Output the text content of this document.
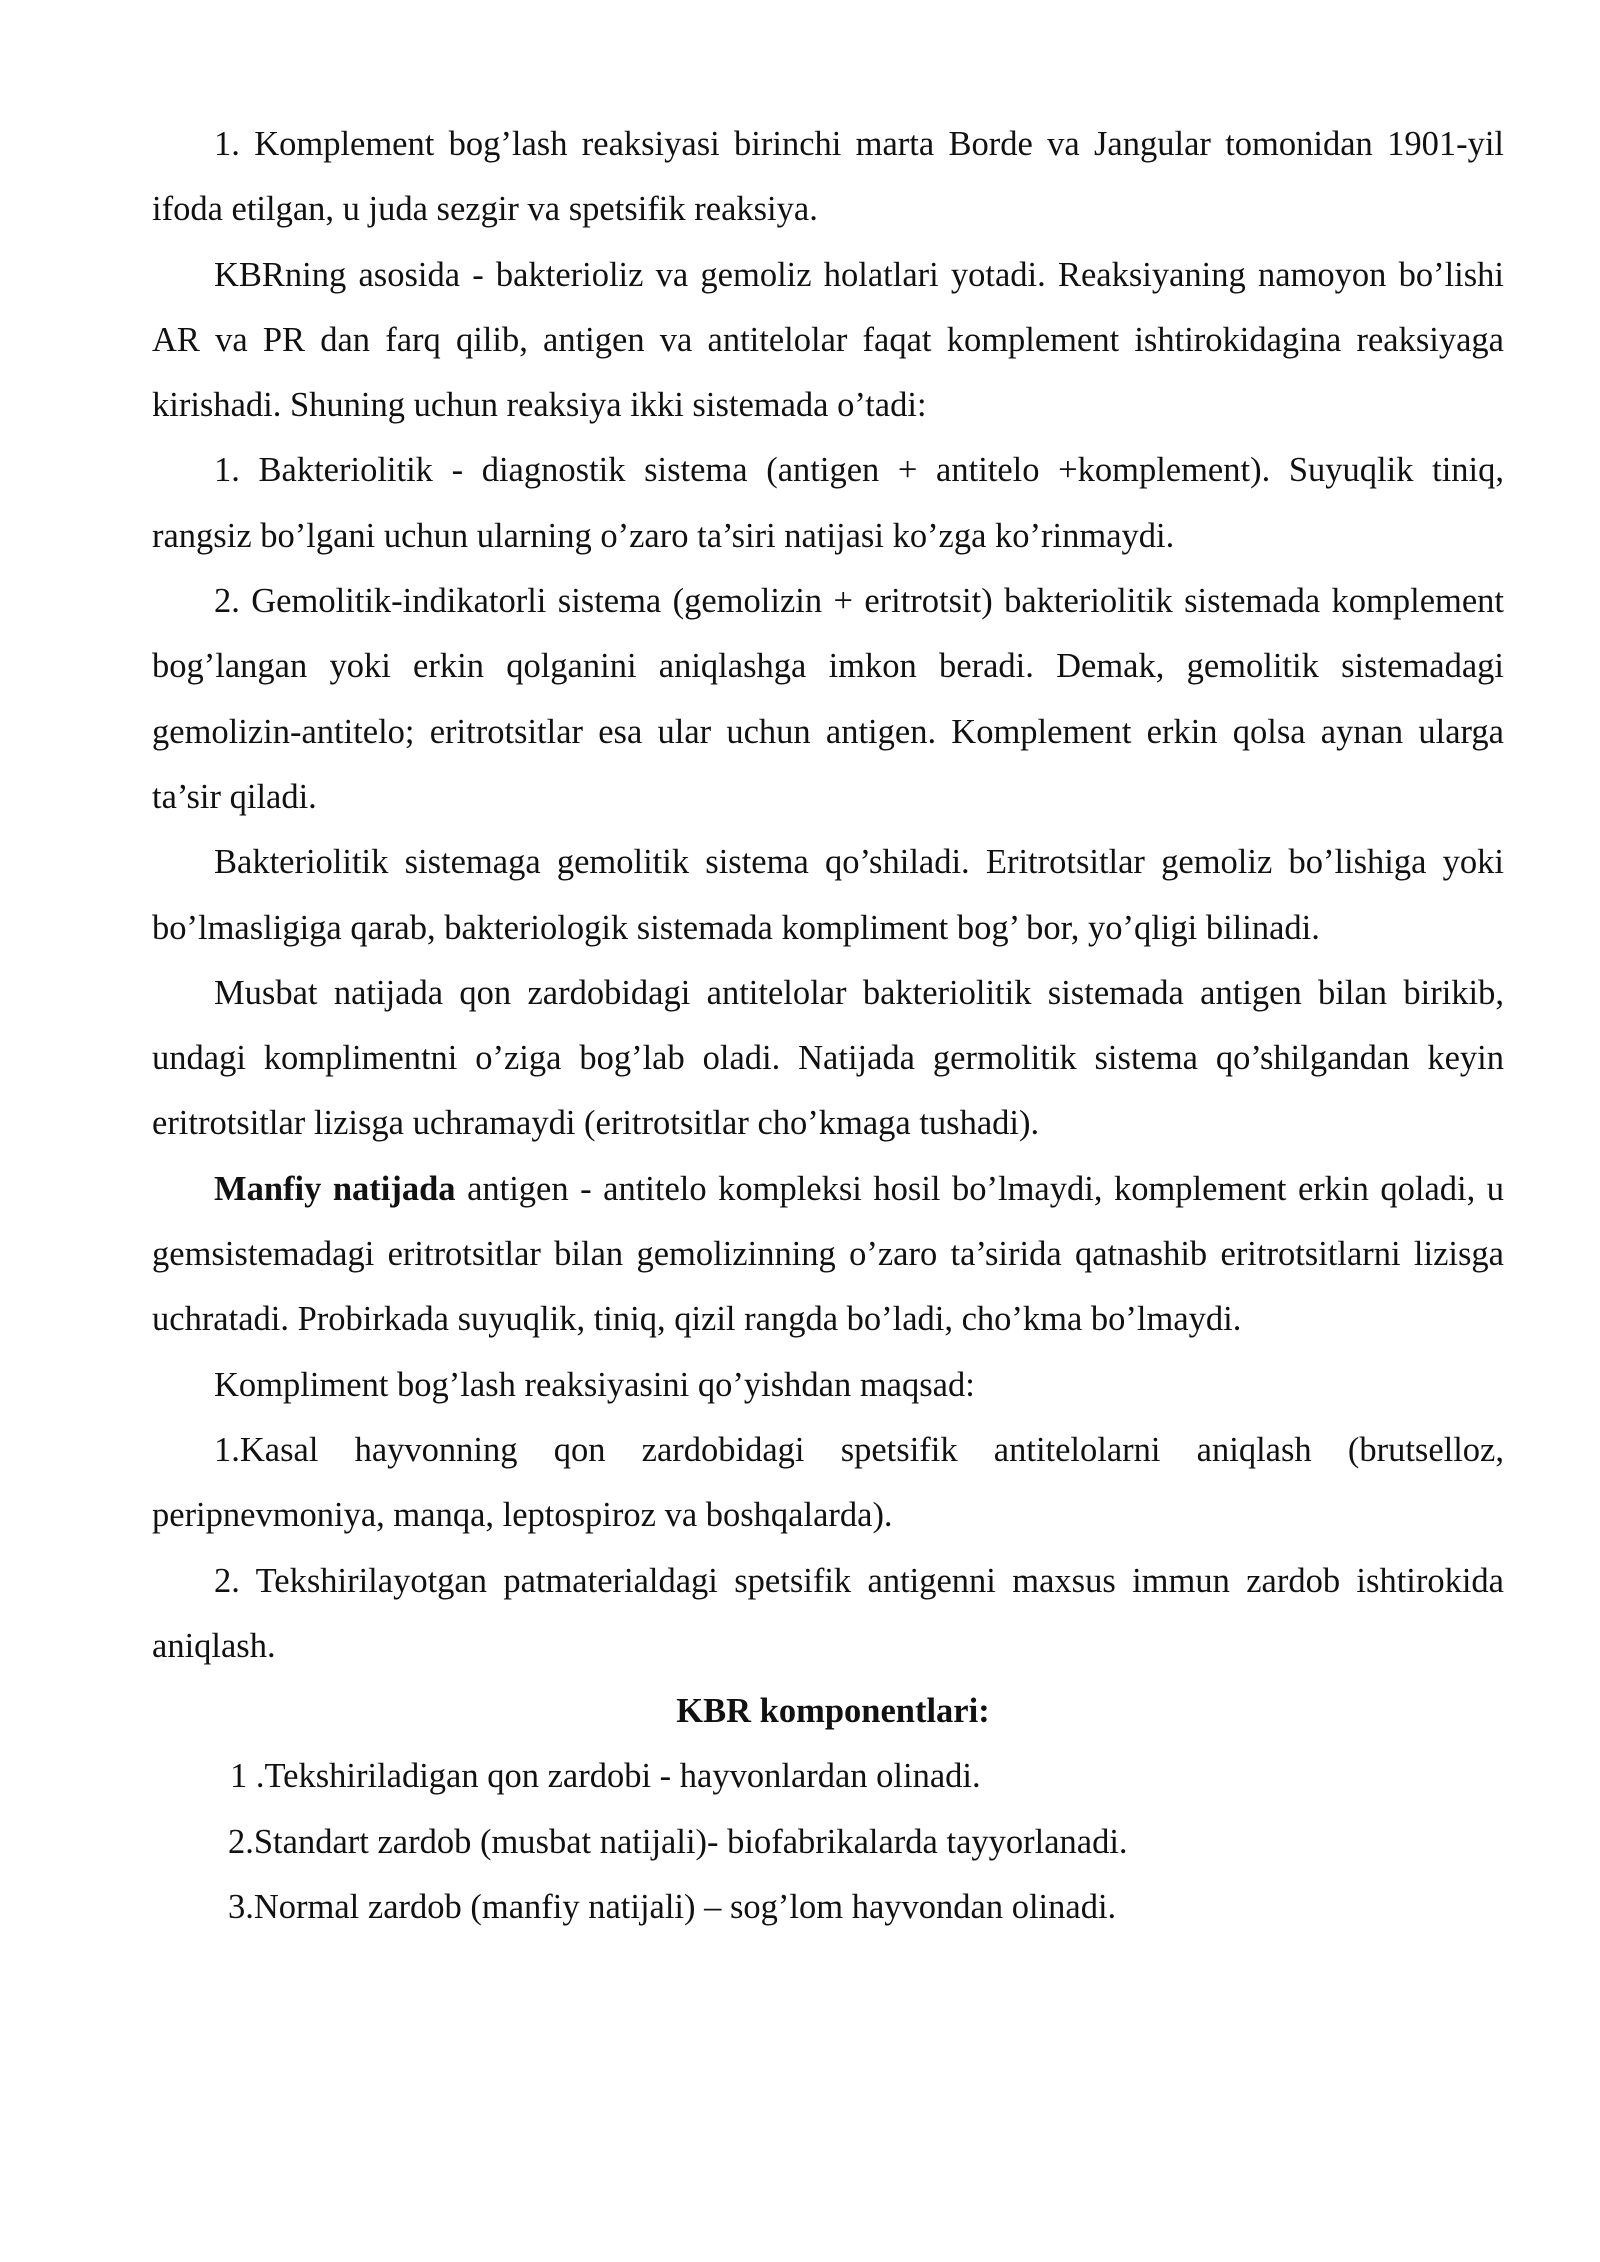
1. Komplement bog’lash reaksiyasi birinchi marta Borde va Jangular tomonidan 1901-yil ifoda etilgan, u juda sezgir va spetsifik reaksiya.

KBRning asosida - bakterioliz va gemoliz holatlari yotadi. Reaksiyaning namoyon bo’lishi AR va PR dan farq qilib, antigen va antitelolar faqat komplement ishtirokidagina reaksiyaga kirishadi. Shuning uchun reaksiya ikki sistemada o’tadi:

1. Bakteriolitik - diagnostik sistema (antigen + antitelo +komplement). Suyuqlik tiniq, rangsiz bo’lgani uchun ularning o’zaro ta’siri natijasi ko’zga ko’rinmaydi.

2. Gemolitik-indikatorli sistema (gemolizin + eritrotsit) bakteriolitik sistemada komplement bog’langan yoki erkin qolganini aniqlashga imkon beradi. Demak, gemolitik sistemadagi gemolizin-antitelo; eritrotsitlar esa ular uchun antigen. Komplement erkin qolsa aynan ularga ta’sir qiladi.

Bakteriolitik sistemaga gemolitik sistema qo’shiladi. Eritrotsitlar gemoliz bo’lishiga yoki bo’lmasligiga qarab, bakteriologik sistemada kompliment bog’ bor, yo’qligi bilinadi.

Musbat natijada qon zardobidagi antitelolar bakteriolitik sistemada antigen bilan birikib, undagi komplimentni o’ziga bog’lab oladi. Natijada germolitik sistema qo’shilgandan keyin eritrotsitlar lizisga uchramaydi (eritrotsitlar cho’kmaga tushadi).

Manfiy natijada antigen - antitelo kompleksi hosil bo’lmaydi, komplement erkin qoladi, u gemsistemadagi eritrotsitlar bilan gemolizinning o’zaro ta’sirida qatnashib eritrotsitlarni lizisga uchratadi. Probirkada suyuqlik, tiniq, qizil rangda bo’ladi, cho’kma bo’lmaydi.

Kompliment bog’lash reaksiyasini qo’yishdan maqsad:

1.Kasal hayvonning qon zardobidagi spetsifik antitelolarni aniqlash (brutselloz, peripnevmoniya, manqa, leptospiroz va boshqalarda).

2. Tekshirilayotgan patmaterialdagi spetsifik antigenni maxsus immun zardob ishtirokida aniqlash.

KBR komponentlari:
1 .Tekshiriladigan qon zardobi - hayvonlardan olinadi.
2.Standart zardob (musbat natijali)- biofabrikalarda tayyorlanadi.
3.Normal zardob (manfiy natijali) – sog’lom hayvondan olinadi.
